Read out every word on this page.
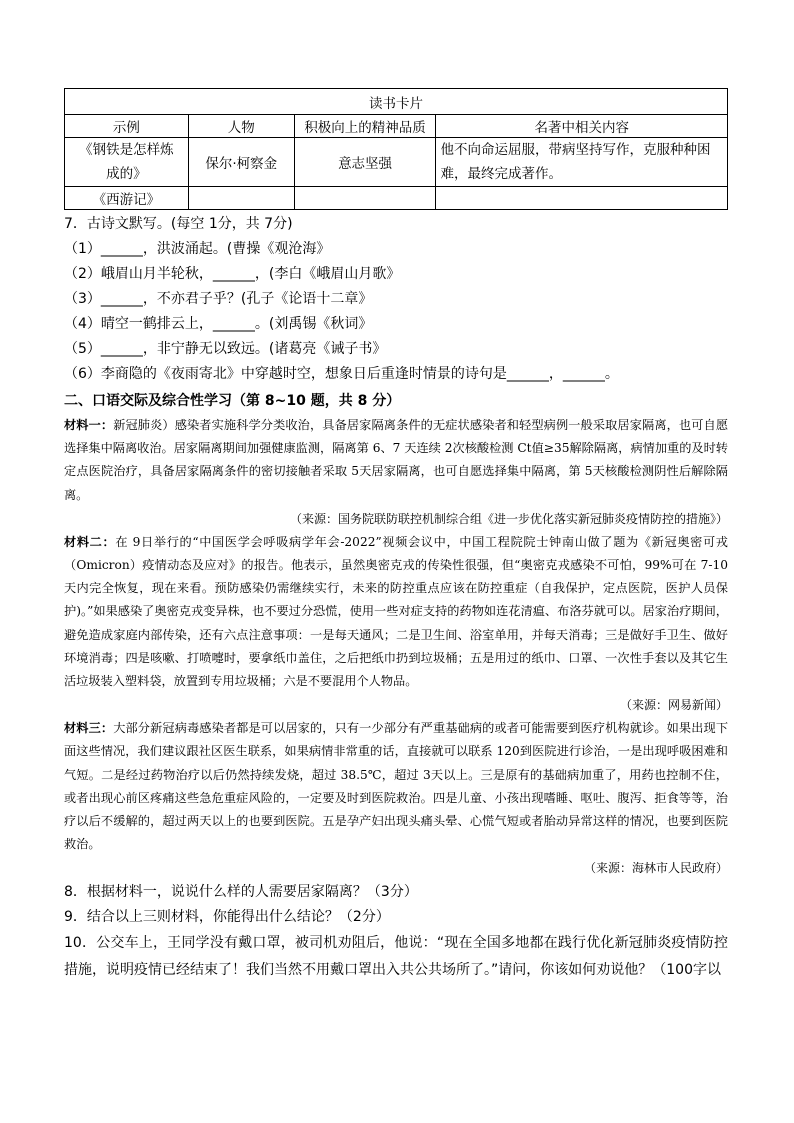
读书卡片			
示例	人物	积极向上的精神品质	名著中相关内容
《钢铁是怎样炼成的》	保尔·柯察金	意志坚强	他不向命运屈服，带病坚持写作，克服种种困难，最终完成著作。
《西游记》			
7．古诗文默写。(每空 1分，共 7分)
（1）______，洪波涌起。(曹操《观沧海》
（2）峨眉山月半轮秋，______，(李白《峨眉山月歌》
（3）______，不亦君子乎？(孔子《论语十二章》
（4）晴空一鹤排云上，______。(刘禹锡《秋词》
（5）______，非宁静无以致远。(诸葛亮《诫子书》
（6）李商隐的《夜雨寄北》中穿越时空，想象日后重逢时情景的诗句是______，______。
二、口语交际及综合性学习（第 8~10 题，共 8 分）
材料一：新冠肺炎）感染者实施科学分类收治，具备居家隔离条件的无症状感染者和轻型病例一般采取居家隔离，也可自愿选择集中隔离收治。居家隔离期间加强健康监测，隔离第 6、7 天连续 2次核酸检测 Ct值≥35解除隔离，病情加重的及时转定点医院治疗，具备居家隔离条件的密切接触者采取 5天居家隔离，也可自愿选择集中隔离，第 5天核酸检测阴性后解除隔离。
（来源：国务院联防联控机制综合组《进一步优化落实新冠肺炎疫情防控的措施》）
材料二：在 9日举行的“中国医学会呼吸病学年会-2022”视频会议中，中国工程院院士钟南山做了题为《新冠奥密可戎（Omicron）疫情动态及应对》的报告。他表示，虽然奥密克戎的传染性很强，但“奥密克戎感染不可怕，99%可在 7-10 天内完全恢复，现在来看。预防感染仍需继续实行，未来的防控重点应该在防控重症（自我保护，定点医院，医护人员保护)。”如果感染了奥密克戎变异株，也不要过分恐慌，使用一些对症支持的药物如连花清瘟、布洛芬就可以。居家治疗期间，避免造成家庭内部传染，还有六点注意事项：一是每天通风；二是卫生间、浴室单用，并每天消毒；三是做好手卫生、做好环境消毒；四是咳嗽、打喷嚏时，要拿纸巾盖住，之后把纸巾扔到垃圾桶；五是用过的纸巾、口罩、一次性手套以及其它生活垃圾装入塑料袋，放置到专用垃圾桶；六是不要混用个人物品。
（来源：网易新闻）
材料三：大部分新冠病毒感染者都是可以居家的，只有一少部分有严重基础病的或者可能需要到医疗机构就诊。如果出现下面这些情况，我们建议跟社区医生联系，如果病情非常重的话，直接就可以联系 120到医院进行诊治，一是出现呼吸困难和气短。二是经过药物治疗以后仍然持续发烧，超过 38.5℃，超过 3天以上。三是原有的基础病加重了，用药也控制不住，或者出现心前区疼痛这些急危重症风险的，一定要及时到医院救治。四是儿童、小孩出现嗜睡、呕吐、腹泻、拒食等等，治疗以后不缓解的，超过两天以上的也要到医院。五是孕产妇出现头痛头晕、心慌气短或者胎动异常这样的情况，也要到医院救治。
（来源：海林市人民政府）
8．根据材料一，说说什么样的人需要居家隔离？（3分）
9．结合以上三则材料，你能得出什么结论？（2分）
10．公交车上，王同学没有戴口罩，被司机劝阻后，他说：“现在全国多地都在践行优化新冠肺炎疫情防控措施，说明疫情已经结束了！我们当然不用戴口罩出入共公共场所了。”请问，你该如何劝说他？（100字以
